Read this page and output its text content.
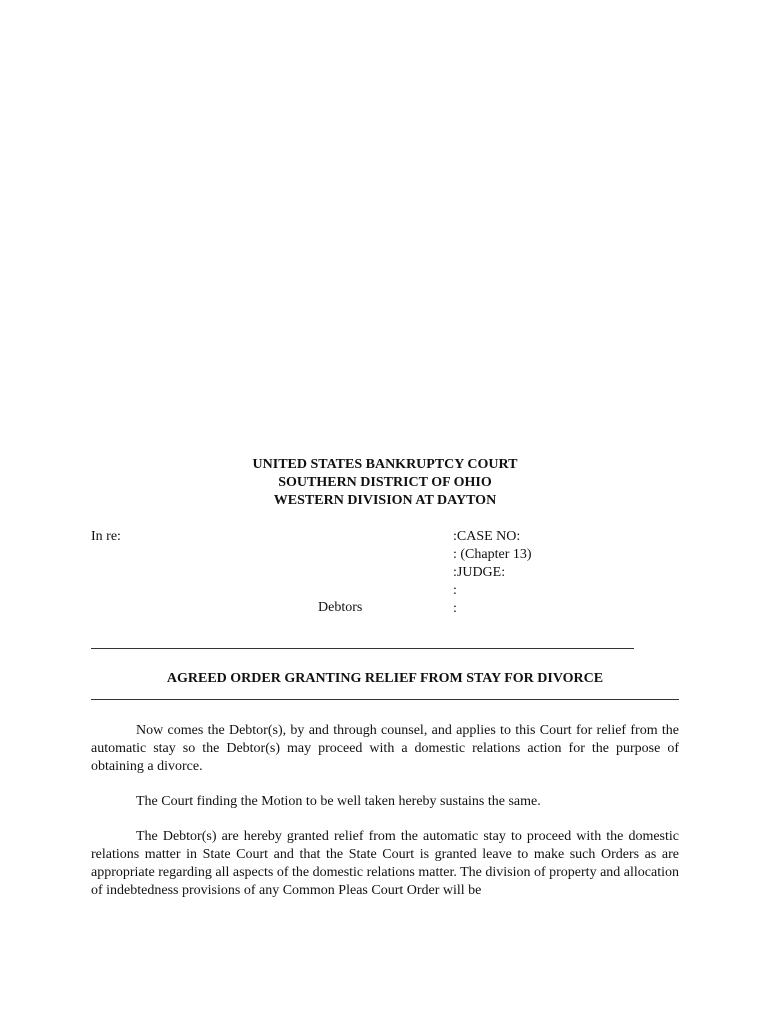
UNITED STATES BANKRUPTCY COURT
SOUTHERN DISTRICT OF OHIO
WESTERN DIVISION AT DAYTON
In re:
Debtors
:CASE NO:
: (Chapter 13)
:JUDGE:
:
:
AGREED ORDER GRANTING RELIEF FROM STAY FOR DIVORCE

Now comes the Debtor(s), by and through counsel, and applies to this Court for relief from the automatic stay so the Debtor(s) may proceed with a domestic relations action for the purpose of obtaining a divorce.

The Court finding the Motion to be well taken hereby sustains the same.

The Debtor(s) are hereby granted relief from the automatic stay to proceed with the domestic relations matter in State Court and that the State Court is granted leave to make such Orders as are appropriate regarding all aspects of the domestic relations matter. The division of property and allocation of indebtedness provisions of any Common Pleas Court Order will be
